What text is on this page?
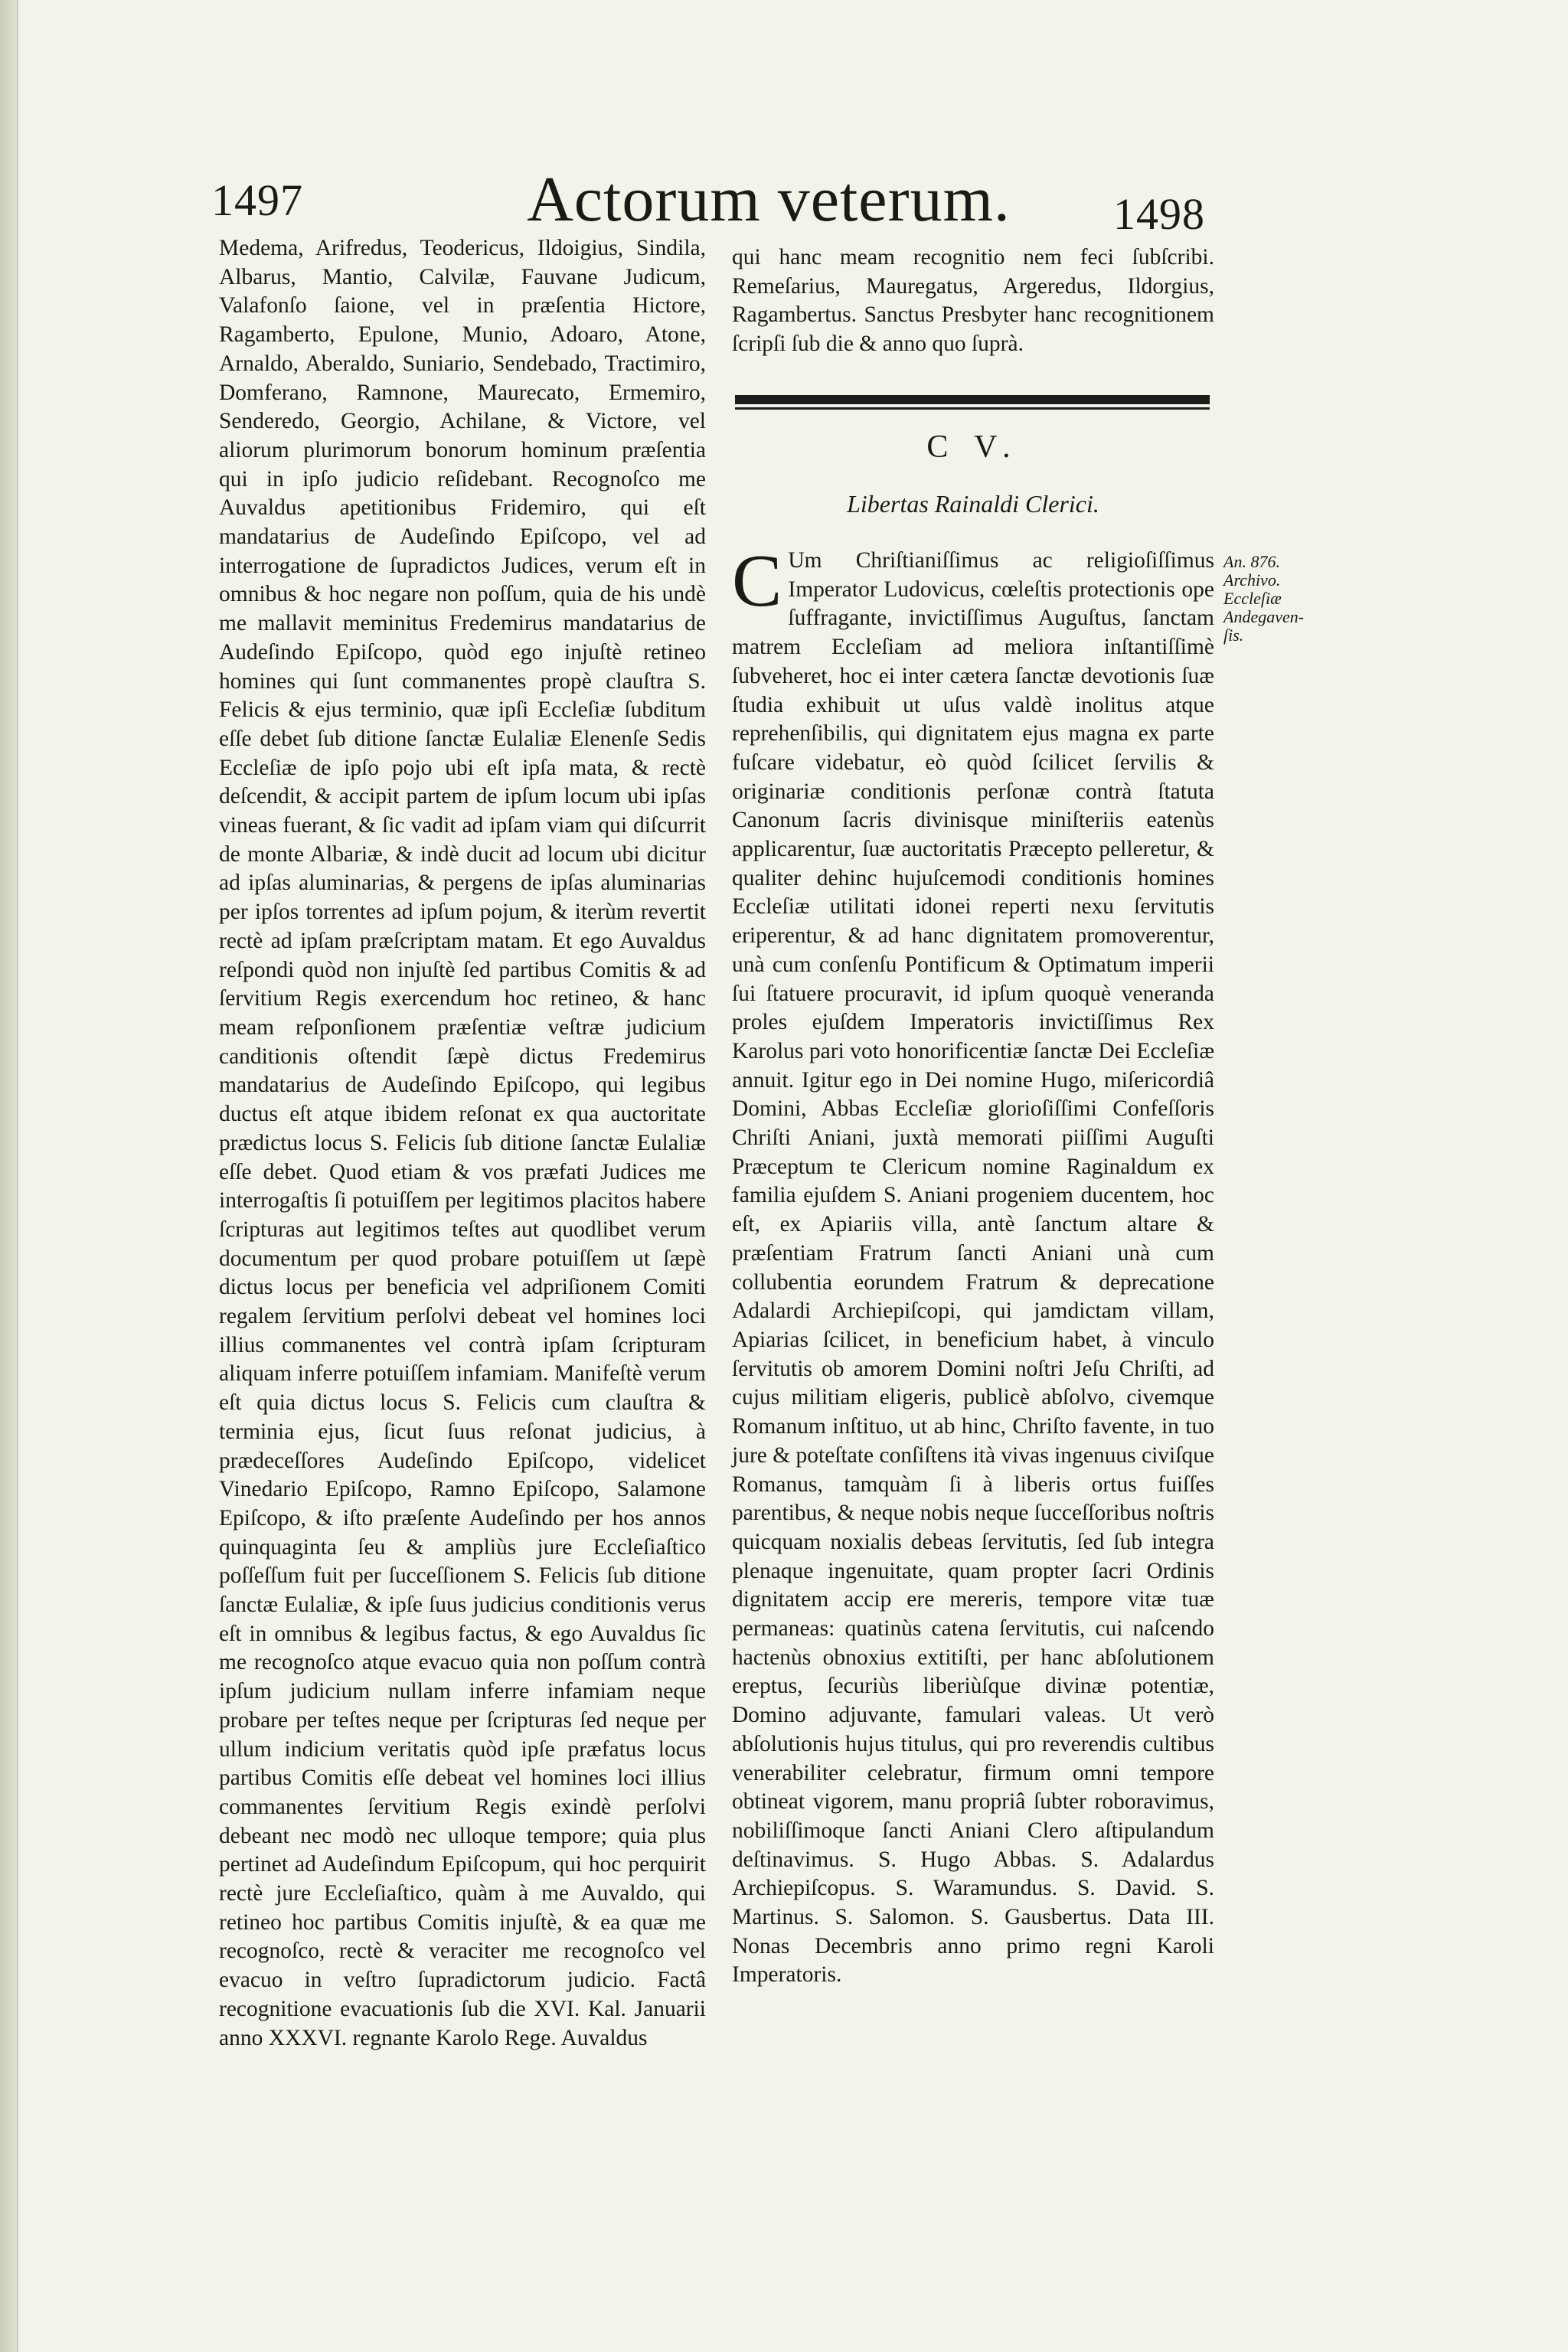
1497	Actorum veterum.	1498
Medema, Arifredus, Teodericus, Ildoigius, Sindila, Albarus, Mantio, Calvilæ, Fauvane Judicum, Valafonſo ſaione, vel in præſentia Hictore, Ragamberto, Epulone, Munio, Adoaro, Atone, Arnaldo, Aberaldo, Suniario, Sendebado, Tractimiro, Domferano, Ramnone, Maurecato, Ermemiro, Senderedo, Georgio, Achilane, & Victore, vel aliorum plurimorum bonorum hominum præſentia qui in ipſo judicio reſidebant. Recognoſco me Auvaldus apetitionibus Fridemiro, qui eſt mandatarius de Audeſindo Epiſcopo, vel ad interrogatione de ſupradictos Judices, verum eſt in omnibus & hoc negare non poſſum, quia de his undè me mallavit meminitus Fredemirus mandatarius de Audeſindo Epiſcopo, quòd ego injuſtè retineo homines qui ſunt commanentes propè clauſtra S. Felicis & ejus terminio, quæ ipſi Eccleſiæ ſubditum eſſe debet ſub ditione ſanctæ Eulaliæ Elenenſe Sedis Eccleſiæ de ipſo pojo ubi eſt ipſa mata, & rectè deſcendit, & accipit partem de ipſum locum ubi ipſas vineas fuerant, & ſic vadit ad ipſam viam qui diſcurrit de monte Albariæ, & indè ducit ad locum ubi dicitur ad ipſas aluminarias, & pergens de ipſas aluminarias per ipſos torrentes ad ipſum pojum, & iterùm revertit rectè ad ipſam præſcriptam matam. Et ego Auvaldus reſpondi quòd non injuſtè ſed partibus Comitis & ad ſervitium Regis exercendum hoc retineo, & hanc meam reſponſionem præſentiæ veſtræ judicium canditionis oſtendit ſæpè dictus Fredemirus mandatarius de Audeſindo Epiſcopo, qui legibus ductus eſt atque ibidem reſonat ex qua auctoritate prædictus locus S. Felicis ſub ditione ſanctæ Eulaliæ eſſe debet. Quod etiam & vos præfati Judices me interrogaſtis ſi potuiſſem per legitimos placitos habere ſcripturas aut legitimos teſtes aut quodlibet verum documentum per quod probare potuiſſem ut ſæpè dictus locus per beneficia vel adpriſionem Comiti regalem ſervitium perſolvi debeat vel homines loci illius commanentes vel contrà ipſam ſcripturam aliquam inferre potuiſſem infamiam. Manifeſtè verum eſt quia dictus locus S. Felicis cum clauſtra & terminia ejus, ſicut ſuus reſonat judicius, à prædeceſſores Audeſindo Epiſcopo, videlicet Vinedario Epiſcopo, Ramno Epiſcopo, Salamone Epiſcopo, & iſto præſente Audeſindo per hos annos quinquaginta ſeu & ampliùs jure Eccleſiaſtico poſſeſſum fuit per ſucceſſionem S. Felicis ſub ditione ſanctæ Eulaliæ, & ipſe ſuus judicius conditionis verus eſt in omnibus & legibus factus, & ego Auvaldus ſic me recognoſco atque evacuo quia non poſſum contrà ipſum judicium nullam inferre infamiam neque probare per teſtes neque per ſcripturas ſed neque per ullum indicium veritatis quòd ipſe præfatus locus partibus Comitis eſſe debeat vel homines loci illius commanentes ſervitium Regis exindè perſolvi debeant nec modò nec ulloque tempore; quia plus pertinet ad Audeſindum Epiſcopum, qui hoc perquirit rectè jure Eccleſiaſtico, quàm à me Auvaldo, qui retineo hoc partibus Comitis injuſtè, & ea quæ me recognoſco, rectè & veraciter me recognoſco vel evacuo in veſtro ſupradictorum judicio. Factâ recognitione evacuationis ſub die XVI. Kal. Januarii anno XXXVI. regnante Karolo Rege. Auvaldus
qui hanc meam recognitio nem feci ſubſcribi. Remeſarius, Mauregatus, Argeredus, Ildorgius, Ragambertus. Sanctus Presbyter hanc recognitionem ſcripſi ſub die & anno quo ſuprà.
C V.
Libertas Rainaldi Clerici.
C Um Chriſtianiſſimus ac religioſiſſimus Imperator Ludovicus, cœleſtis protectionis ope ſuffragante, invictiſſimus Auguſtus, ſanctam matrem Eccleſiam ad meliora inſtantiſſimè ſubveheret, hoc ei inter cætera ſanctæ devotionis ſuæ ſtudia exhibuit ut uſus valdè inolitus atque reprehenſibilis, qui dignitatem ejus magna ex parte fuſcare videbatur, eò quòd ſcilicet ſervilis & originariæ conditionis perſonæ contrà ſtatuta Canonum ſacris divinisque miniſteriis eatenùs applicarentur, ſuæ auctoritatis Præcepto pelleretur, & qualiter dehinc hujuſcemodi conditionis homines Eccleſiæ utilitati idonei reperti nexu ſervitutis eriperentur, & ad hanc dignitatem promoverentur, unà cum conſenſu Pontificum & Optimatum imperii ſui ſtatuere procuravit, id ipſum quoquè veneranda proles ejuſdem Imperatoris invictiſſimus Rex Karolus pari voto honorificentiæ ſanctæ Dei Eccleſiæ annuit. Igitur ego in Dei nomine Hugo, miſericordiâ Domini, Abbas Eccleſiæ glorioſiſſimi Confeſſoris Chriſti Aniani, juxtà memorati piiſſimi Auguſti Præceptum te Clericum nomine Raginaldum ex familia ejuſdem S. Aniani progeniem ducentem, hoc eſt, ex Apiariis villa, antè ſanctum altare & præſentiam Fratrum ſancti Aniani unà cum collubentia eorundem Fratrum & deprecatione Adalardi Archiepiſcopi, qui jamdictam villam, Apiarias ſcilicet, in beneficium habet, à vinculo ſervitutis ob amorem Domini noſtri Jeſu Chriſti, ad cujus militiam eligeris, publicè abſolvo, civemque Romanum inſtituo, ut ab hinc, Chriſto favente, in tuo jure & poteſtate conſiſtens ità vivas ingenuus civiſque Romanus, tamquàm ſi à liberis ortus fuiſſes parentibus, & neque nobis neque ſucceſſoribus noſtris quicquam noxialis debeas ſervitutis, ſed ſub integra plenaque ingenuitate, quam propter ſacri Ordinis dignitatem accip ere mereris, tempore vitæ tuæ permaneas: quatinùs catena ſervitutis, cui naſcendo hactenùs obnoxius extitiſti, per hanc abſolutionem ereptus, ſecuriùs liberiùſque divinæ potentiæ, Domino adjuvante, famulari valeas. Ut verò abſolutionis hujus titulus, qui pro reverendis cultibus venerabiliter celebratur, firmum omni tempore obtineat vigorem, manu propriâ ſubter roboravimus, nobiliſſimoque ſancti Aniani Clero aſtipulandum deſtinavimus. S. Hugo Abbas. S. Adalardus Archiepiſcopus. S. Waramundus. S. David. S. Martinus. S. Salomon. S. Gausbertus. Data III. Nonas Decembris anno primo regni Karoli Imperatoris.
An. 876.
Archivo.
Eccleſiæ
Andegaven-
ſis.
